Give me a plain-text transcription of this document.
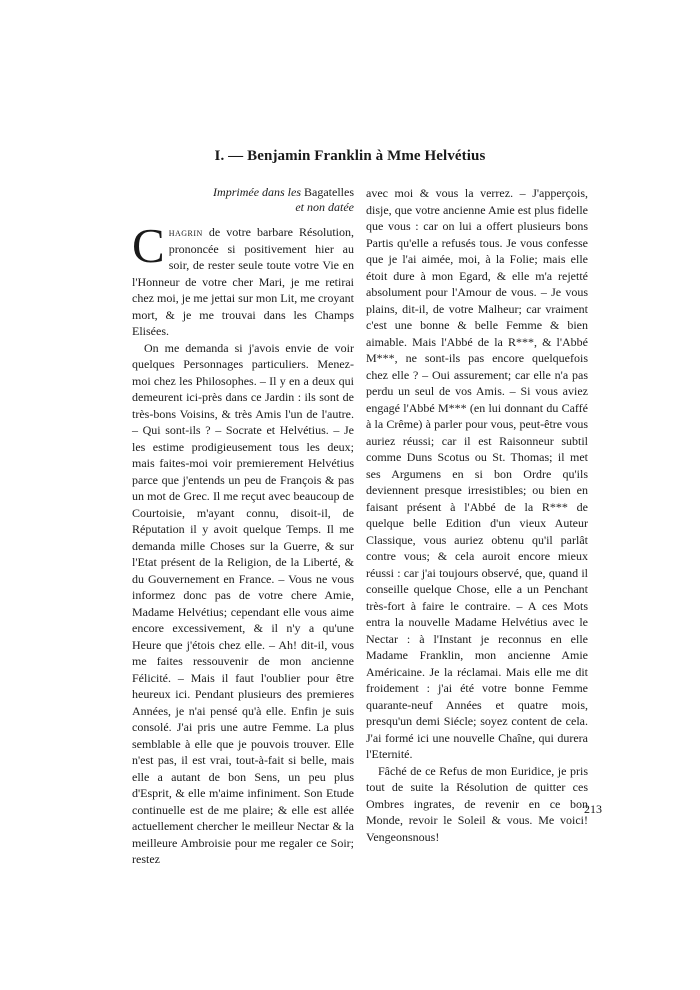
I. — Benjamin Franklin à Mme Helvétius
Imprimée dans les Bagatelles
et non datée

Chagrin de votre barbare Résolution, prononcée si positivement hier au soir, de rester seule toute votre Vie en l'Honneur de votre cher Mari, je me retirai chez moi, je me jettai sur mon Lit, me croyant mort, & je me trouvai dans les Champs Elisées.

On me demanda si j'avois envie de voir quelques Personnages particuliers. Menez-moi chez les Philosophes. – Il y en a deux qui demeurent ici-près dans ce Jardin : ils sont de très-bons Voisins, & très Amis l'un de l'autre. – Qui sont-ils ? – Socrate et Helvétius. – Je les estime prodigieusement tous les deux; mais faites-moi voir premierement Helvétius parce que j'entends un peu de François & pas un mot de Grec. Il me reçut avec beaucoup de Courtoisie, m'ayant connu, disoit-il, de Réputation il y avoit quelque Temps. Il me demanda mille Choses sur la Guerre, & sur l'Etat présent de la Religion, de la Liberté, & du Gouvernement en France. – Vous ne vous informez donc pas de votre chere Amie, Madame Helvétius; cependant elle vous aime encore excessivement, & il n'y a qu'une Heure que j'étois chez elle. – Ah! dit-il, vous me faites ressouvenir de mon ancienne Félicité. – Mais il faut l'oublier pour être heureux ici. Pendant plusieurs des premieres Années, je n'ai pensé qu'à elle. Enfin je suis consolé. J'ai pris une autre Femme. La plus semblable à elle que je pouvois trouver. Elle n'est pas, il est vrai, tout-à-fait si belle, mais elle a autant de bon Sens, un peu plus d'Esprit, & elle m'aime infiniment. Son Etude continuelle est de me plaire; & elle est allée actuellement chercher le meilleur Nectar & la meilleure Ambroisie pour me regaler ce Soir; restez

avec moi & vous la verrez. – J'apperçois, disje, que votre ancienne Amie est plus fidelle que vous : car on lui a offert plusieurs bons Partis qu'elle a refusés tous. Je vous confesse que je l'ai aimée, moi, à la Folie; mais elle étoit dure à mon Egard, & elle m'a rejetté absolument pour l'Amour de vous. – Je vous plains, dit-il, de votre Malheur; car vraiment c'est une bonne & belle Femme & bien aimable. Mais l'Abbé de la R***, & l'Abbé M***, ne sont-ils pas encore quelquefois chez elle ? – Oui assurement; car elle n'a pas perdu un seul de vos Amis. – Si vous aviez engagé l'Abbé M*** (en lui donnant du Caffé à la Crême) à parler pour vous, peut-être vous auriez réussi; car il est Raisonneur subtil comme Duns Scotus ou St. Thomas; il met ses Argumens en si bon Ordre qu'ils deviennent presque irresistibles; ou bien en faisant présent à l'Abbé de la R*** de quelque belle Edition d'un vieux Auteur Classique, vous auriez obtenu qu'il parlât contre vous; & cela auroit encore mieux réussi : car j'ai toujours observé, que, quand il conseille quelque Chose, elle a un Penchant très-fort à faire le contraire. – A ces Mots entra la nouvelle Madame Helvétius avec le Nectar : à l'Instant je reconnus en elle Madame Franklin, mon ancienne Amie Américaine. Je la réclamai. Mais elle me dit froidement : j'ai été votre bonne Femme quarante-neuf Années et quatre mois, presqu'un demi Siécle; soyez content de cela. J'ai formé ici une nouvelle Chaîne, qui durera l'Eternité.

Fâché de ce Refus de mon Euridice, je pris tout de suite la Résolution de quitter ces Ombres ingrates, de revenir en ce bon Monde, revoir le Soleil & vous. Me voici! Vengeonsnous!

213
